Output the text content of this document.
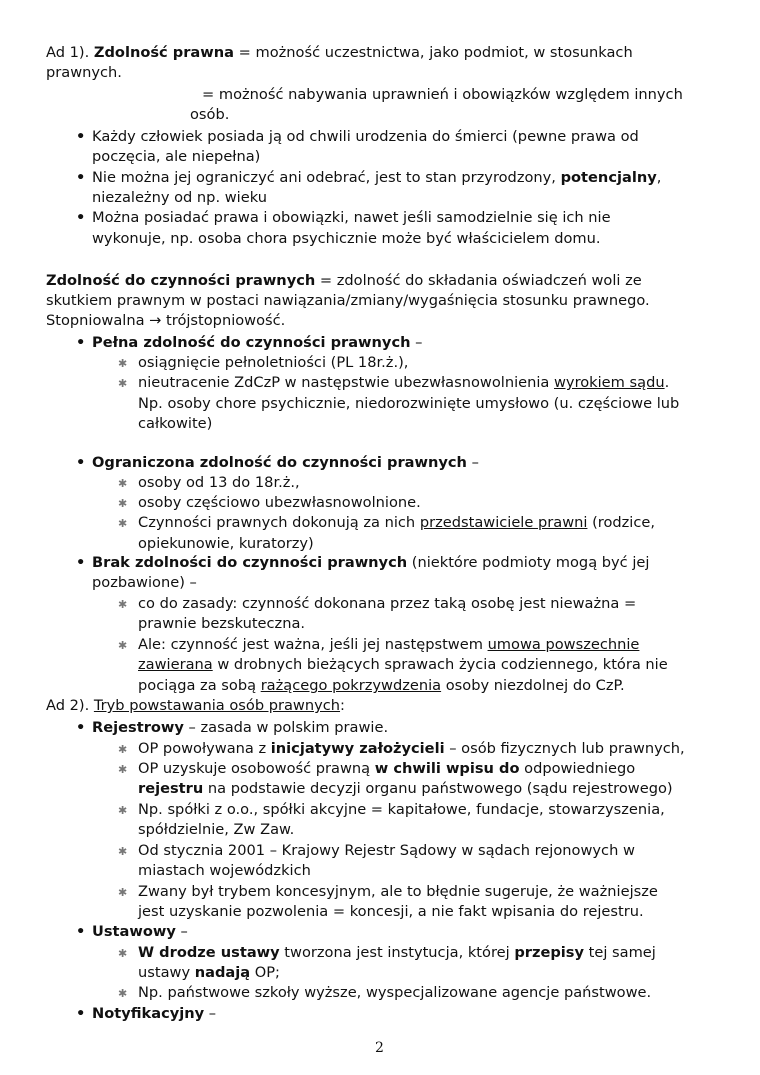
Ad 1). Zdolność prawna = możność uczestnictwa, jako podmiot, w stosunkach
prawnych.
= możność nabywania uprawnień i obowiązków względem innych
osób.
• Każdy człowiek posiada ją od chwili urodzenia do śmierci (pewne prawa od
poczęcia, ale niepełna)
• Nie można jej ograniczyć ani odebrać, jest to stan przyrodzony, potencjalny,
niezależny od np. wieku
• Można posiadać prawa i obowiązki, nawet jeśli samodzielnie się ich nie
wykonuje, np. osoba chora psychicznie może być właścicielem domu.
Zdolność do czynności prawnych = zdolność do składania oświadczeń woli ze
skutkiem prawnym w postaci nawiązania/zmiany/wygaśnięcia stosunku prawnego.
Stopniowalna → trójstopniowość.
• Pełna zdolność do czynności prawnych –
✱ osiągnięcie pełnoletniości (PL 18r.ż.),
✱ nieutracenie ZdCzP w następstwie ubezwłasnowolnienia wyrokiem sądu.
Np. osoby chore psychicznie, niedorozwinięte umysłowo (u. częściowe lub
całkowite)
• Ograniczona zdolność do czynności prawnych –
✱ osoby od 13 do 18r.ż.,
✱ osoby częściowo ubezwłasnowolnione.
✱ Czynności prawnych dokonują za nich przedstawiciele prawni (rodzice,
opiekunowie, kuratorzy)
• Brak zdolności do czynności prawnych (niektóre podmioty mogą być jej
pozbawione) –
✱ co do zasady: czynność dokonana przez taką osobę jest nieważna =
prawnie bezskuteczna.
✱ Ale: czynność jest ważna, jeśli jej następstwem umowa powszechnie
zawierana w drobnych bieżących sprawach życia codziennego, która nie
pociąga za sobą rażącego pokrzywdzenia osoby niezdolnej do CzP.
Ad 2). Tryb powstawania osób prawnych:
• Rejestrowy – zasada w polskim prawie.
✱ OP powoływana z inicjatywy założycieli – osób fizycznych lub prawnych,
✱ OP uzyskuje osobowość prawną w chwili wpisu do odpowiedniego
rejestru na podstawie decyzji organu państwowego (sądu rejestrowego)
✱ Np. spółki z o.o., spółki akcyjne = kapitałowe, fundacje, stowarzyszenia,
spółdzielnie, Zw Zaw.
✱ Od stycznia 2001 – Krajowy Rejestr Sądowy w sądach rejonowych w
miastach wojewódzkich
✱ Zwany był trybem koncesyjnym, ale to błędnie sugeruje, że ważniejsze
jest uzyskanie pozwolenia = koncesji, a nie fakt wpisania do rejestru.
• Ustawowy –
✱ W drodze ustawy tworzona jest instytucja, której przepisy tej samej
ustawy nadają OP;
✱ Np. państwowe szkoły wyższe, wyspecjalizowane agencje państwowe.
• Notyfikacyjny –
2
